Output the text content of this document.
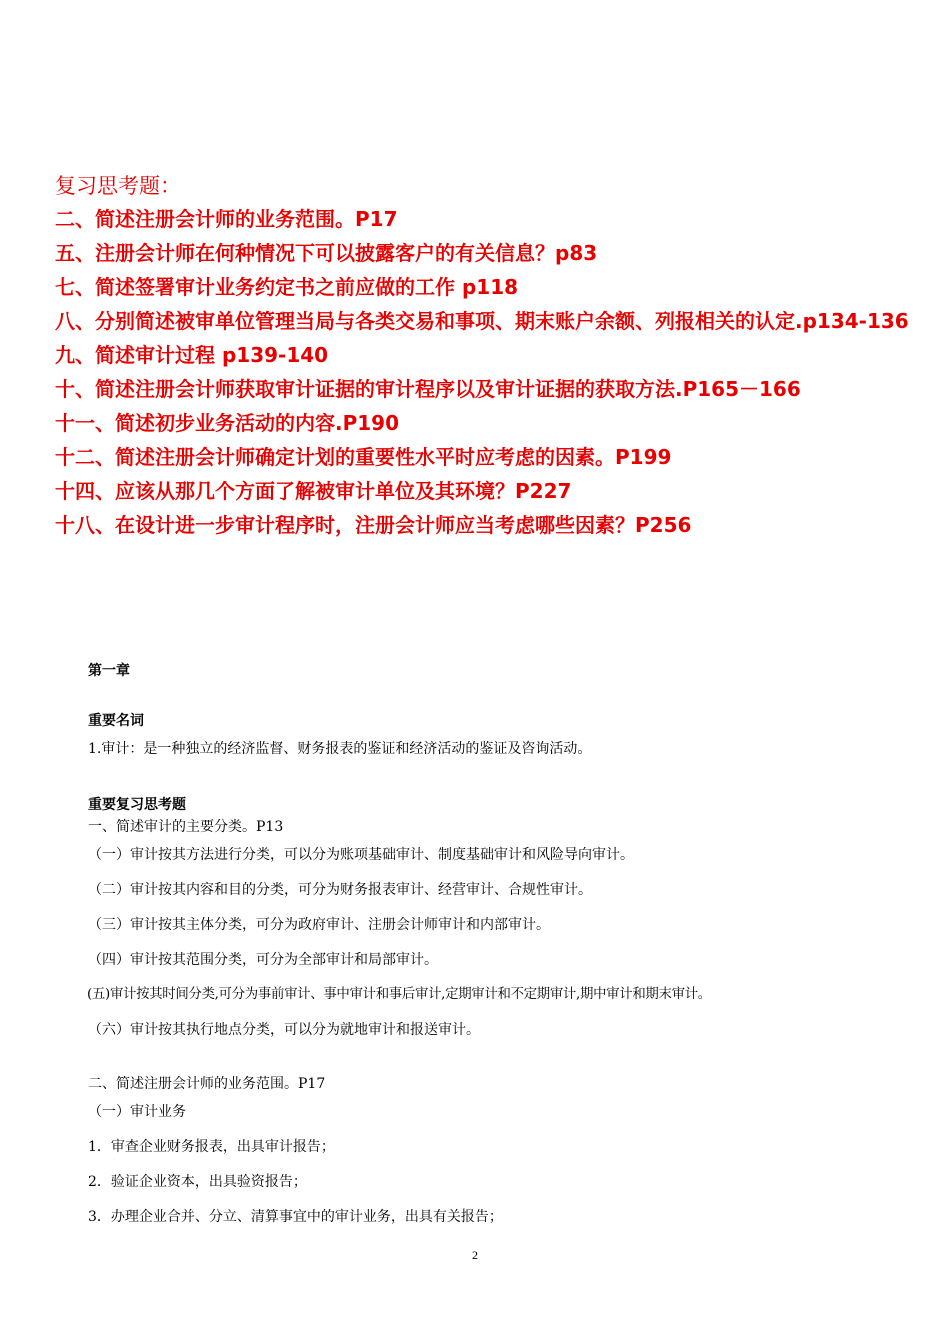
复习思考题：
二、简述注册会计师的业务范围。P17
五、注册会计师在何种情况下可以披露客户的有关信息？p83
七、简述签署审计业务约定书之前应做的工作 p118
八、分别简述被审单位管理当局与各类交易和事项、期末账户余额、列报相关的认定.p134-136
九、简述审计过程 p139-140
十、简述注册会计师获取审计证据的审计程序以及审计证据的获取方法.P165－166
十一、简述初步业务活动的内容.P190
十二、简述注册会计师确定计划的重要性水平时应考虑的因素。P199
十四、应该从那几个方面了解被审计单位及其环境？P227
十八、在设计进一步审计程序时，注册会计师应当考虑哪些因素？P256
第一章
重要名词
1.审计：是一种独立的经济监督、财务报表的鉴证和经济活动的鉴证及咨询活动。
重要复习思考题
一、简述审计的主要分类。P13
（一）审计按其方法进行分类，可以分为账项基础审计、制度基础审计和风险导向审计。
（二）审计按其内容和目的分类，可分为财务报表审计、经营审计、合规性审计。
（三）审计按其主体分类，可分为政府审计、注册会计师审计和内部审计。
（四）审计按其范围分类，可分为全部审计和局部审计。
(五)审计按其时间分类,可分为事前审计、事中审计和事后审计,定期审计和不定期审计,期中审计和期末审计。
（六）审计按其执行地点分类，可以分为就地审计和报送审计。
二、简述注册会计师的业务范围。P17
（一）审计业务
1．审查企业财务报表，出具审计报告；
2．验证企业资本，出具验资报告；
3．办理企业合并、分立、清算事宜中的审计业务，出具有关报告；
2
